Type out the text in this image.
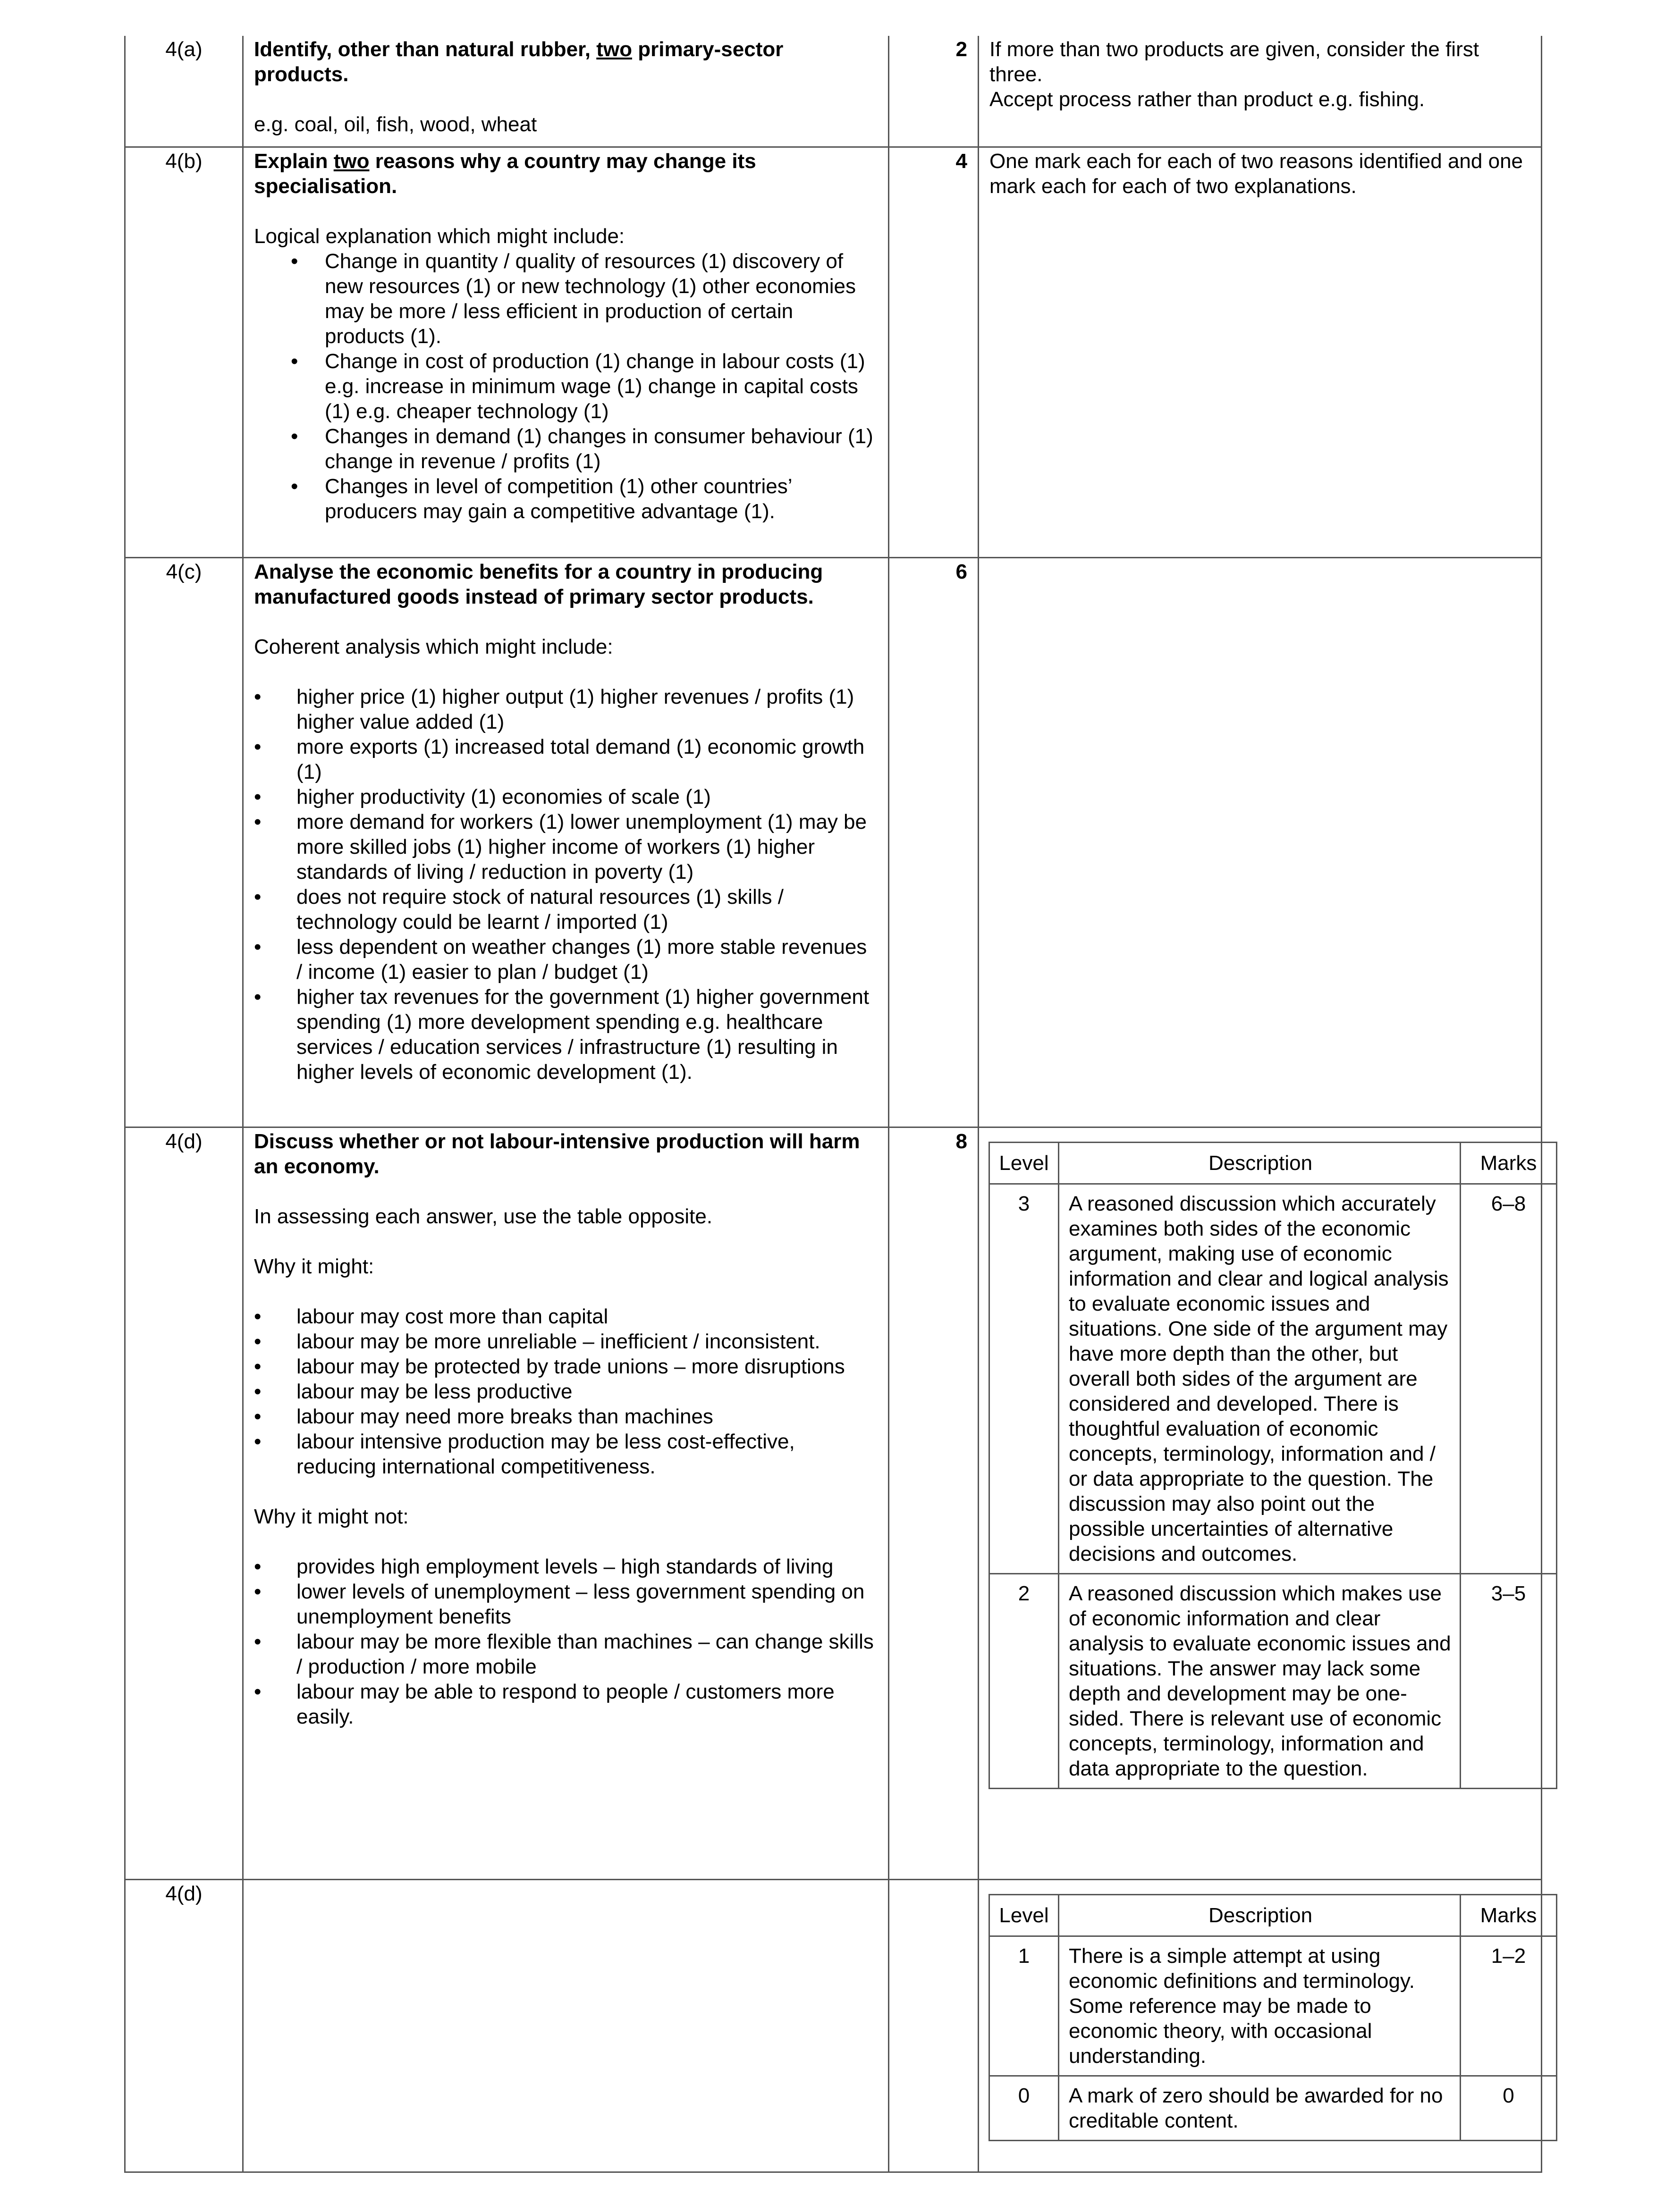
4(a)	Identify, other than natural rubber, two primary-sector products.

e.g. coal, oil, fish, wood, wheat

	2	If more than two products are given, consider the first three.

Accept process rather than product e.g. fishing.

4(b)	Explain two reasons why a country may change its specialisation.

Logical explanation which might include:

• Change in quantity / quality of resources (1) discovery of new resources (1) or new technology (1) other economies may be more / less efficient in production of certain products (1).
• Change in cost of production (1) change in labour costs (1) e.g. increase in minimum wage (1) change in capital costs (1) e.g. cheaper technology (1)
• Changes in demand (1) changes in consumer behaviour (1) change in revenue / profits (1)
• Changes in level of competition (1) other countries’ producers may gain a competitive advantage (1).
	4	One mark each for each of two reasons identified and one mark each for each of two explanations.

4(c)	Analyse the economic benefits for a country in producing manufactured goods instead of primary sector products.

Coherent analysis which might include:

• higher price (1) higher output (1) higher revenues / profits (1) higher value added (1)
• more exports (1) increased total demand (1) economic growth (1)
• higher productivity (1) economies of scale (1)
• more demand for workers (1) lower unemployment (1) may be more skilled jobs (1) higher income of workers (1) higher standards of living / reduction in poverty (1)
• does not require stock of natural resources (1) skills / technology could be learnt / imported (1)
• less dependent on weather changes (1) more stable revenues / income (1) easier to plan / budget (1)
• higher tax revenues for the government (1) higher government spending (1) more development spending e.g. healthcare services / education services / infrastructure (1) resulting in higher levels of economic development (1).
	6	

4(d)	Discuss whether or not labour-intensive production will harm an economy.

In assessing each answer, use the table opposite.

Why it might:

• labour may cost more than capital
• labour may be more unreliable – inefficient / inconsistent.
• labour may be protected by trade unions – more disruptions
• labour may be less productive
• labour may need more breaks than machines
• labour intensive production may be less cost-effective, reducing international competitiveness.

Why it might not:

• provides high employment levels – high standards of living
• lower levels of unemployment – less government spending on unemployment benefits
• labour may be more flexible than machines – can change skills / production / more mobile
• labour may be able to respond to people / customers more easily.
	8	
Level	Description	Marks
3	A reasoned discussion which accurately examines both sides of the economic argument, making use of economic information and clear and logical analysis to evaluate economic issues and situations. One side of the argument may have more depth than the other, but overall both sides of the argument are considered and developed. There is thoughtful evaluation of economic concepts, terminology, information and / or data appropriate to the question. The discussion may also point out the possible uncertainties of alternative decisions and outcomes.	6–8
2	A reasoned discussion which makes use of economic information and clear analysis to evaluate economic issues and situations. The answer may lack some depth and development may be one-sided. There is relevant use of economic concepts, terminology, information and data appropriate to the question.	3–5

4(d)			
Level	Description	Marks
1	There is a simple attempt at using economic definitions and terminology. Some reference may be made to economic theory, with occasional understanding.	1–2
0	A mark of zero should be awarded for no creditable content.	0
